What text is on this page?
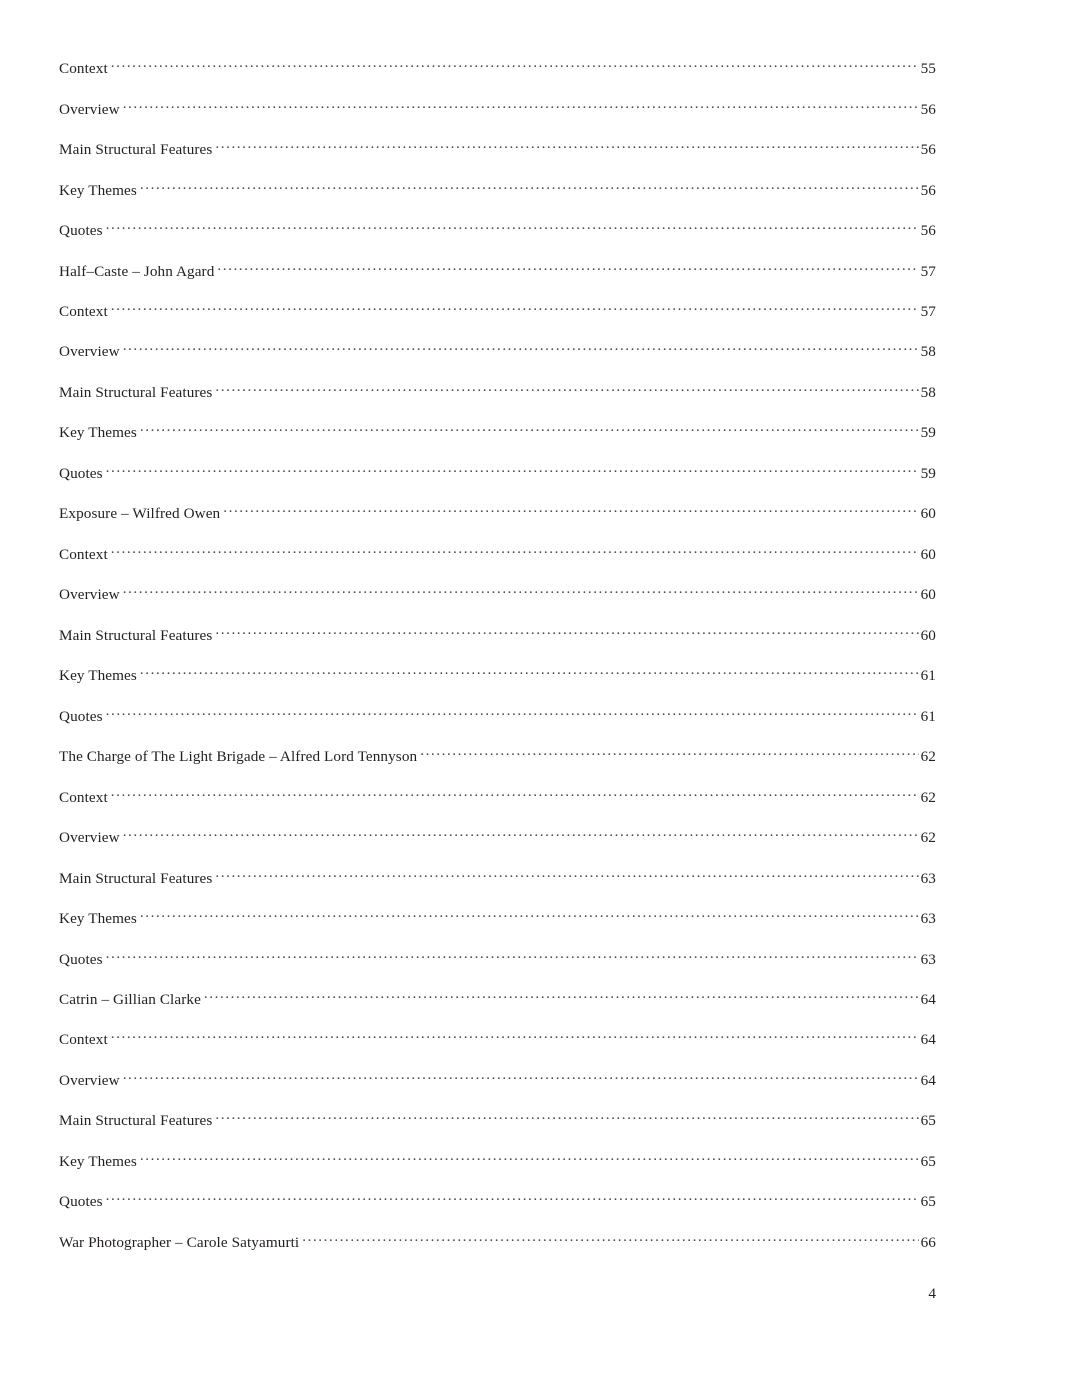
Context .....	55
Overview .....	56
Main Structural Features .....	56
Key Themes .....	56
Quotes .....	56
Half–Caste – John Agard .....	57
Context .....	57
Overview .....	58
Main Structural Features .....	58
Key Themes .....	59
Quotes .....	59
Exposure – Wilfred Owen .....	60
Context .....	60
Overview .....	60
Main Structural Features .....	60
Key Themes .....	61
Quotes .....	61
The Charge of The Light Brigade – Alfred Lord Tennyson .....	62
Context .....	62
Overview .....	62
Main Structural Features .....	63
Key Themes .....	63
Quotes .....	63
Catrin – Gillian Clarke .....	64
Context .....	64
Overview .....	64
Main Structural Features .....	65
Key Themes .....	65
Quotes .....	65
War Photographer – Carole Satyamurti .....	66
4
